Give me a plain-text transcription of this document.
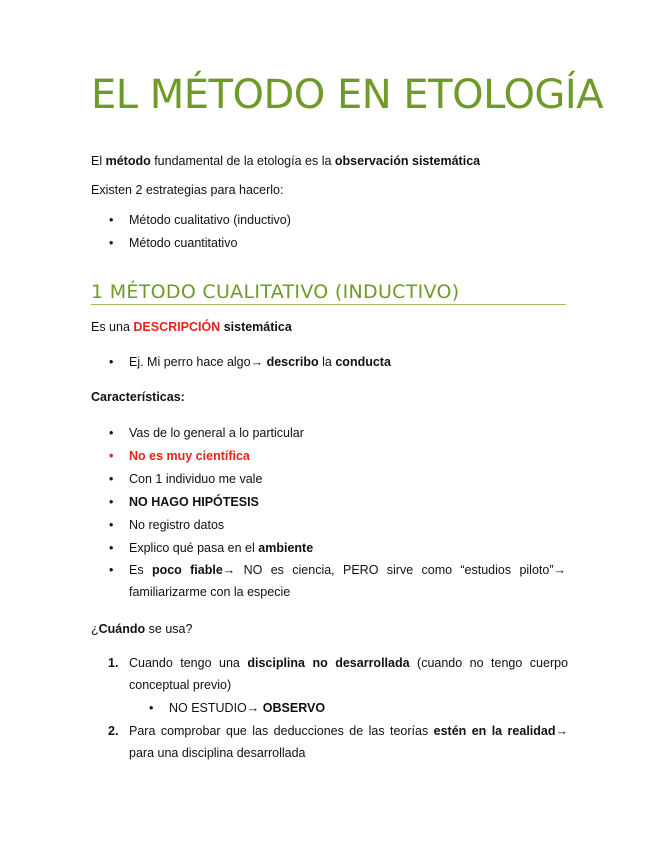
EL MÉTODO EN ETOLOGÍA

El método fundamental de la etología es la observación sistemática

Existen 2 estrategias para hacerlo:

• Método cualitativo (inductivo)

• Método cuantitativo

1 MÉTODO CUALITATIVO (INDUCTIVO)

Es una DESCRIPCIÓN sistemática

• Ej. Mi perro hace algo→ describo la conducta

Características:

• Vas de lo general a lo particular

• No es muy científica

• Con 1 individuo me vale

• NO HAGO HIPÓTESIS

• No registro datos

• Explico qué pasa en el ambiente

• Es poco fiable→ NO es ciencia, PERO sirve como “estudios piloto”→ familiarizarme con la especie

¿Cuándo se usa?

1. Cuando tengo una disciplina no desarrollada (cuando no tengo cuerpo conceptual previo)

• NO ESTUDIO→ OBSERVO

2. Para comprobar que las deducciones de las teorías estén en la realidad→ para una disciplina desarrollada
